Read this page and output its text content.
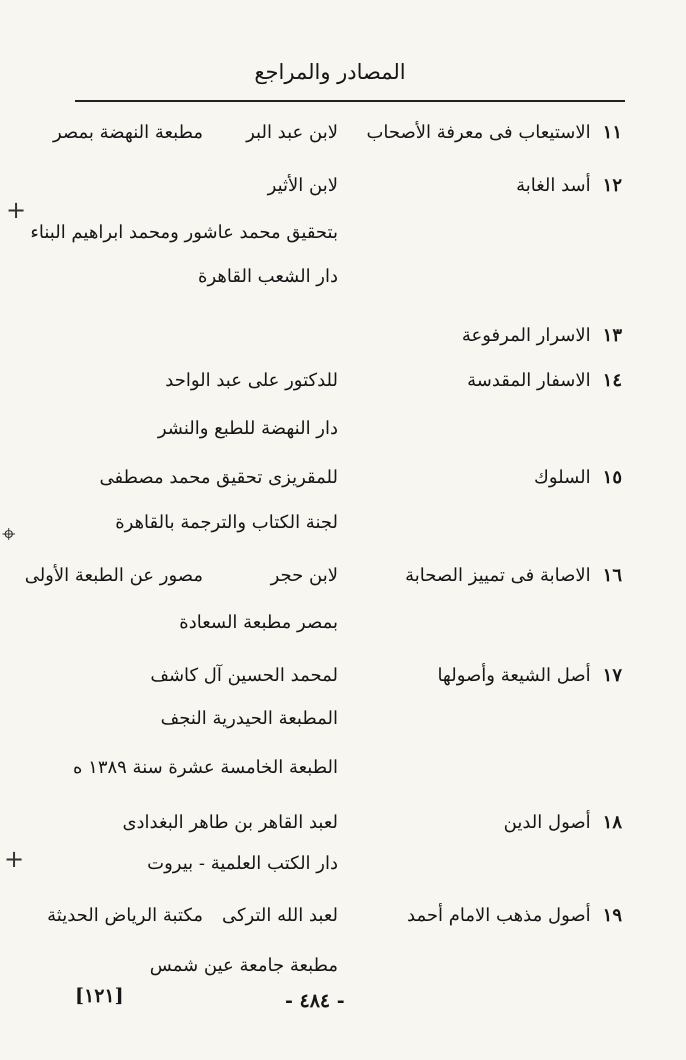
المصادر والمراجع
١١الاستيعاب فى معرفة الأصحاب
لابن عبد البر
مطبعة النهضة بمصر
١٢أسد الغابة
لابن الأثير
بتحقيق محمد عاشور ومحمد ابراهيم البناء
دار الشعب القاهرة
١٣الاسرار المرفوعة
١٤الاسفار المقدسة
للدكتور على عبد الواحد
دار النهضة للطبع والنشر
١٥السلوك
للمقريزى تحقيق محمد مصطفى
لجنة الكتاب والترجمة بالقاهرة
١٦الاصابة فى تمييز الصحابة
لابن حجر
مصور عن الطبعة الأولى
بمصر مطبعة السعادة
١٧أصل الشيعة وأصولها
لمحمد الحسين آل كاشف
المطبعة الحيدرية النجف
الطبعة الخامسة عشرة سنة ١٣٨٩ ه
١٨أصول الدين
لعبد القاهر بن طاهر البغدادى
دار الكتب العلمية - بيروت
١٩أصول مذهب الامام أحمد
لعبد الله التركى
مكتبة الرياض الحديثة
مطبعة جامعة عين شمس
[١٢١]	- ٤٨٤ -
+
⌖
+
